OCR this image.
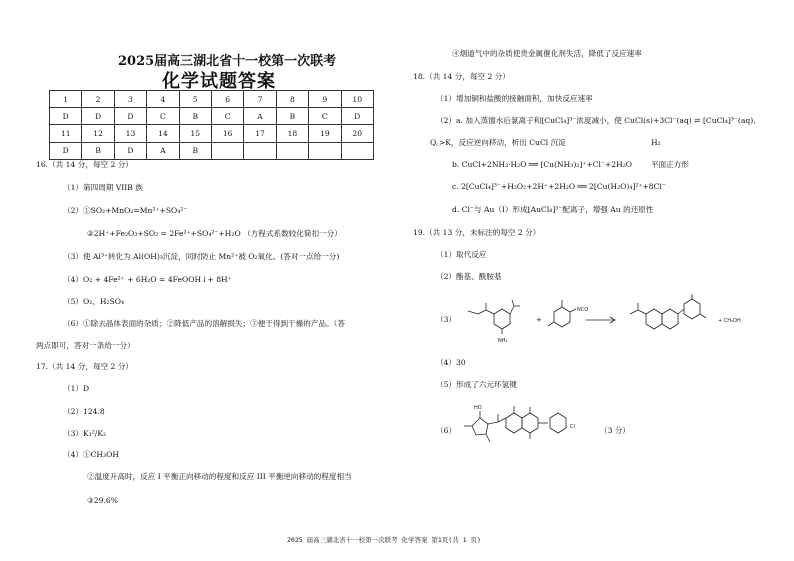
2025届高三湖北省十一校第一次联考
化学试题答案
1	2	3	4	5	6	7	8	9	10
D	D	D	C	B	C	A	B	C	D
11	12	13	14	15	16	17	18	19	20
D	B	D	A	B					
16.（共 14 分，每空 2 分）
（1）第四周期 VIIB 族
（2）①SO₂+MnO₂=Mn²⁺+SO₄²⁻
②2H⁺+Fe₂O₃+SO₂ = 2Fe²⁺+SO₄²⁻+H₂O （方程式系数较化简扣一分）
（3）使 Al³⁺转化为 Al(OH)₃沉淀，同时防止 Mn²⁺被 O₂氧化。(答对一点给一分)
（4）O₂ + 4Fe²⁺ + 6H₂O = 4FeOOH↓+ 8H⁺
（5）O₂、H₂SO₄
（6）①除去晶体表面的杂质；②降低产品的溶解损失；③便于得到干燥的产品。（答
两点即可，答对一条给一分）
17.（共 14 分，每空 2 分）
（1）D
（2）124.8
（3）K₁²/K₂
（4）①CH₃OH
②温度升高时，反应 I 平衡正向移动的程度和反应 III 平衡逆向移动的程度相当
③29.6%
④烟道气中的杂质使贵金属催化剂失活，降低了反应速率
18.（共 14 分，每空 2 分）
（1）增加铜和盐酸的接触面积，加快反应速率
（2）a. 加入蒸馏水后氯离子和[CuCl₄]³⁻浓度减小，使 CuCl(s)+3Cl⁻(aq) ⇌ [CuCl₄]³⁻(aq),
Q꜀>K，反应逆向移动，析出 CuCl 沉淀	H₂
b. CuCl+2NH₃·H₂O ══ [Cu(NH₃)₂]⁺+Cl⁻+2H₂O 平面正方形
c. 2[CuCl₄]³⁻+H₂O₂+2H⁺+2H₂O ══ 2[Cu(H₂O)₄]²⁺+8Cl⁻
d. Cl⁻与 Au（Ⅰ）形成[AuCl₄]³⁻配离子，增强 Au 的还原性
19.（共 13 分，未标注的每空 2 分）
（1）取代反应
（2）酯基、酰胺基
（3）
（4）30
（5）形成了六元环氢键
（6）	（3 分）
NH₂
+
NCO
+ CH₃OH
HO
Cl
2025 届高三湖北省十一校第一次联考 化学答案 第1页(共 1 页)
